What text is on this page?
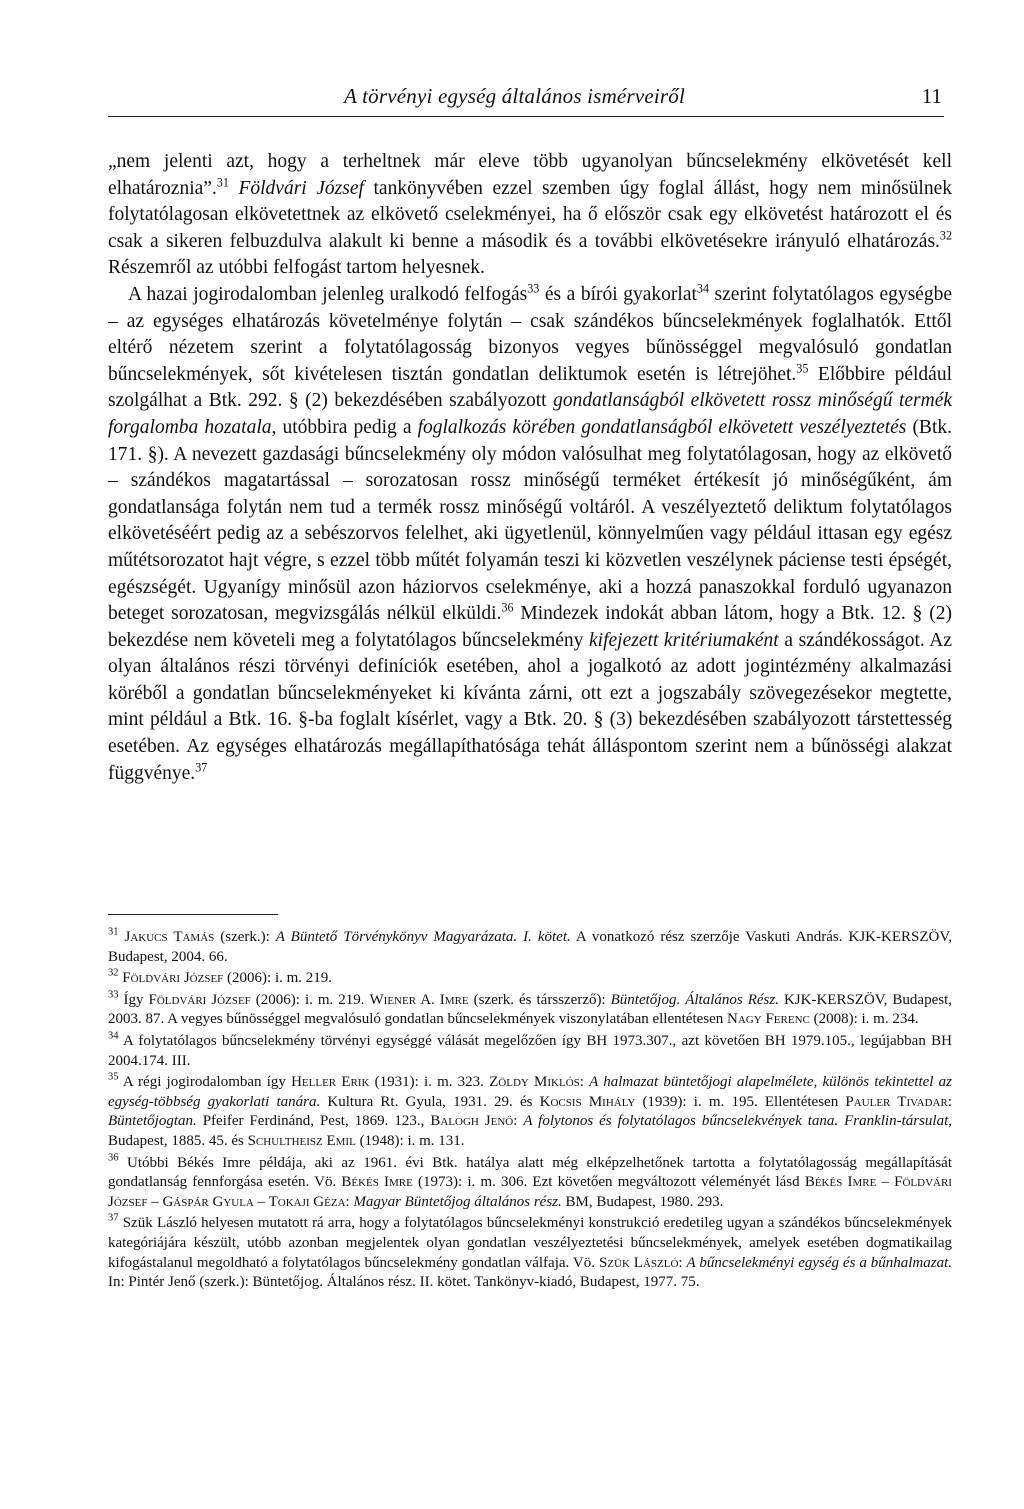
A törvényi egység általános ismérveiről	11

„nem jelenti azt, hogy a terheltnek már eleve több ugyanolyan bűncselekmény elkövetését kell elhatároznia”.$^{31}$ Földvári József tankönyvében ezzel szemben úgy foglal állást, hogy nem minősülnek folytatólagosan elkövetettnek az elkövető cselekményei, ha ő először csak egy elkövetést határozott el és csak a sikeren felbuzdulva alakult ki benne a második és a további elkövetésekre irányuló elhatározás.$^{32}$ Részemről az utóbbi felfogást tartom helyesnek.

A hazai jogirodalomban jelenleg uralkodó felfogás$^{33}$ és a bírói gyakorlat$^{34}$ szerint folytatólagos egységbe – az egységes elhatározás követelménye folytán – csak szándékos bűncselekmények foglalhatók. Ettől eltérő nézetem szerint a folytatólagosság bizonyos vegyes bűnösséggel megvalósuló gondatlan bűncselekmények, sőt kivételesen tisztán gondatlan deliktumok esetén is létrejöhet.$^{35}$ Előbbire például szolgálhat a Btk. 292. § (2) bekezdésében szabályozott gondatlanságból elkövetett rossz minőségű termék forgalomba hozatala, utóbbira pedig a foglalkozás körében gondatlanságból elkövetett veszélyeztetés (Btk. 171. §). A nevezett gazdasági bűncselekmény oly módon valósulhat meg folytatólagosan, hogy az elkövető – szándékos magatartással – sorozatosan rossz minőségű terméket értékesít jó minőségűként, ám gondatlansága folytán nem tud a termék rossz minőségű voltáról. A veszélyeztető deliktum folytatólagos elkövetéséért pedig az a sebészorvos felelhet, aki ügyetlenül, könnyelműen vagy például ittasan egy egész műtétsorozatot hajt végre, s ezzel több műtét folyamán teszi ki közvetlen veszélynek páciense testi épségét, egészségét. Ugyanígy minősül azon háziorvos cselekménye, aki a hozzá panaszokkal forduló ugyanazon beteget sorozatosan, megvizsgálás nélkül elküldi.$^{36}$ Mindezek indokát abban látom, hogy a Btk. 12. § (2) bekezdése nem követeli meg a folytatólagos bűncselekmény kifejezett kritériumaként a szándékosságot. Az olyan általános részi törvényi definíciók esetében, ahol a jogalkotó az adott jogintézmény alkalmazási köréből a gondatlan bűncselekményeket ki kívánta zárni, ott ezt a jogszabály szövegezésekor megtette, mint például a Btk. 16. §-ba foglalt kísérlet, vagy a Btk. 20. § (3) bekezdésében szabályozott társtettesség esetében. Az egységes elhatározás megállapíthatósága tehát álláspontom szerint nem a bűnösségi alakzat függvénye.$^{37}$

$^{31}$ Jakucs Tamás (szerk.): A Büntető Törvénykönyv Magyarázata. I. kötet. A vonatkozó rész szerzője Vaskuti András. KJK-KERSZÖV, Budapest, 2004. 66.

$^{32}$ Földvári József (2006): i. m. 219.

$^{33}$ Így Földvári József (2006): i. m. 219. Wiener A. Imre (szerk. és társszerző): Büntetőjog. Általános Rész. KJK-KERSZÖV, Budapest, 2003. 87. A vegyes bűnösséggel megvalósuló gondatlan bűncselekmények viszonylatában ellentétesen Nagy Ferenc (2008): i. m. 234.

$^{34}$ A folytatólagos bűncselekmény törvényi egységgé válását megelőzően így BH 1973.307., azt követően BH 1979.105., legújabban BH 2004.174. III.

$^{35}$ A régi jogirodalomban így Heller Erik (1931): i. m. 323. Zöldy Miklós: A halmazat büntetőjogi alapelmélete, különös tekintettel az egység-többség gyakorlati tanára. Kultura Rt. Gyula, 1931. 29. és Kocsis Mihály (1939): i. m. 195. Ellentétesen Pauler Tivadar: Büntetőjogtan. Pfeifer Ferdinánd, Pest, 1869. 123., Balogh Jenő: A folytonos és folytatólagos bűncselekvények tana. Franklin-társulat, Budapest, 1885. 45. és Schultheisz Emil (1948): i. m. 131.

$^{36}$ Utóbbi Békés Imre példája, aki az 1961. évi Btk. hatálya alatt még elképzelhetőnek tartotta a folytatólagosság megállapítását gondatlanság fennforgása esetén. Vö. Békés Imre (1973): i. m. 306. Ezt követően megváltozott véleményét lásd Békés Imre – Földvári József – Gáspár Gyula – Tokaji Géza: Magyar Büntetőjog általános rész. BM, Budapest, 1980. 293.

$^{37}$ Szük László helyesen mutatott rá arra, hogy a folytatólagos bűncselekményi konstrukció eredetileg ugyan a szándékos bűncselekmények kategóriájára készült, utóbb azonban megjelentek olyan gondatlan veszélyeztetési bűncselekmények, amelyek esetében dogmatikailag kifogástalanul megoldható a folytatólagos bűncselekmény gondatlan válfaja. Vö. Szük László: A bűncselekményi egység és a bűnhalmazat. In: Pintér Jenő (szerk.): Büntetőjog. Általános rész. II. kötet. Tankönyv-kiadó, Budapest, 1977. 75.
